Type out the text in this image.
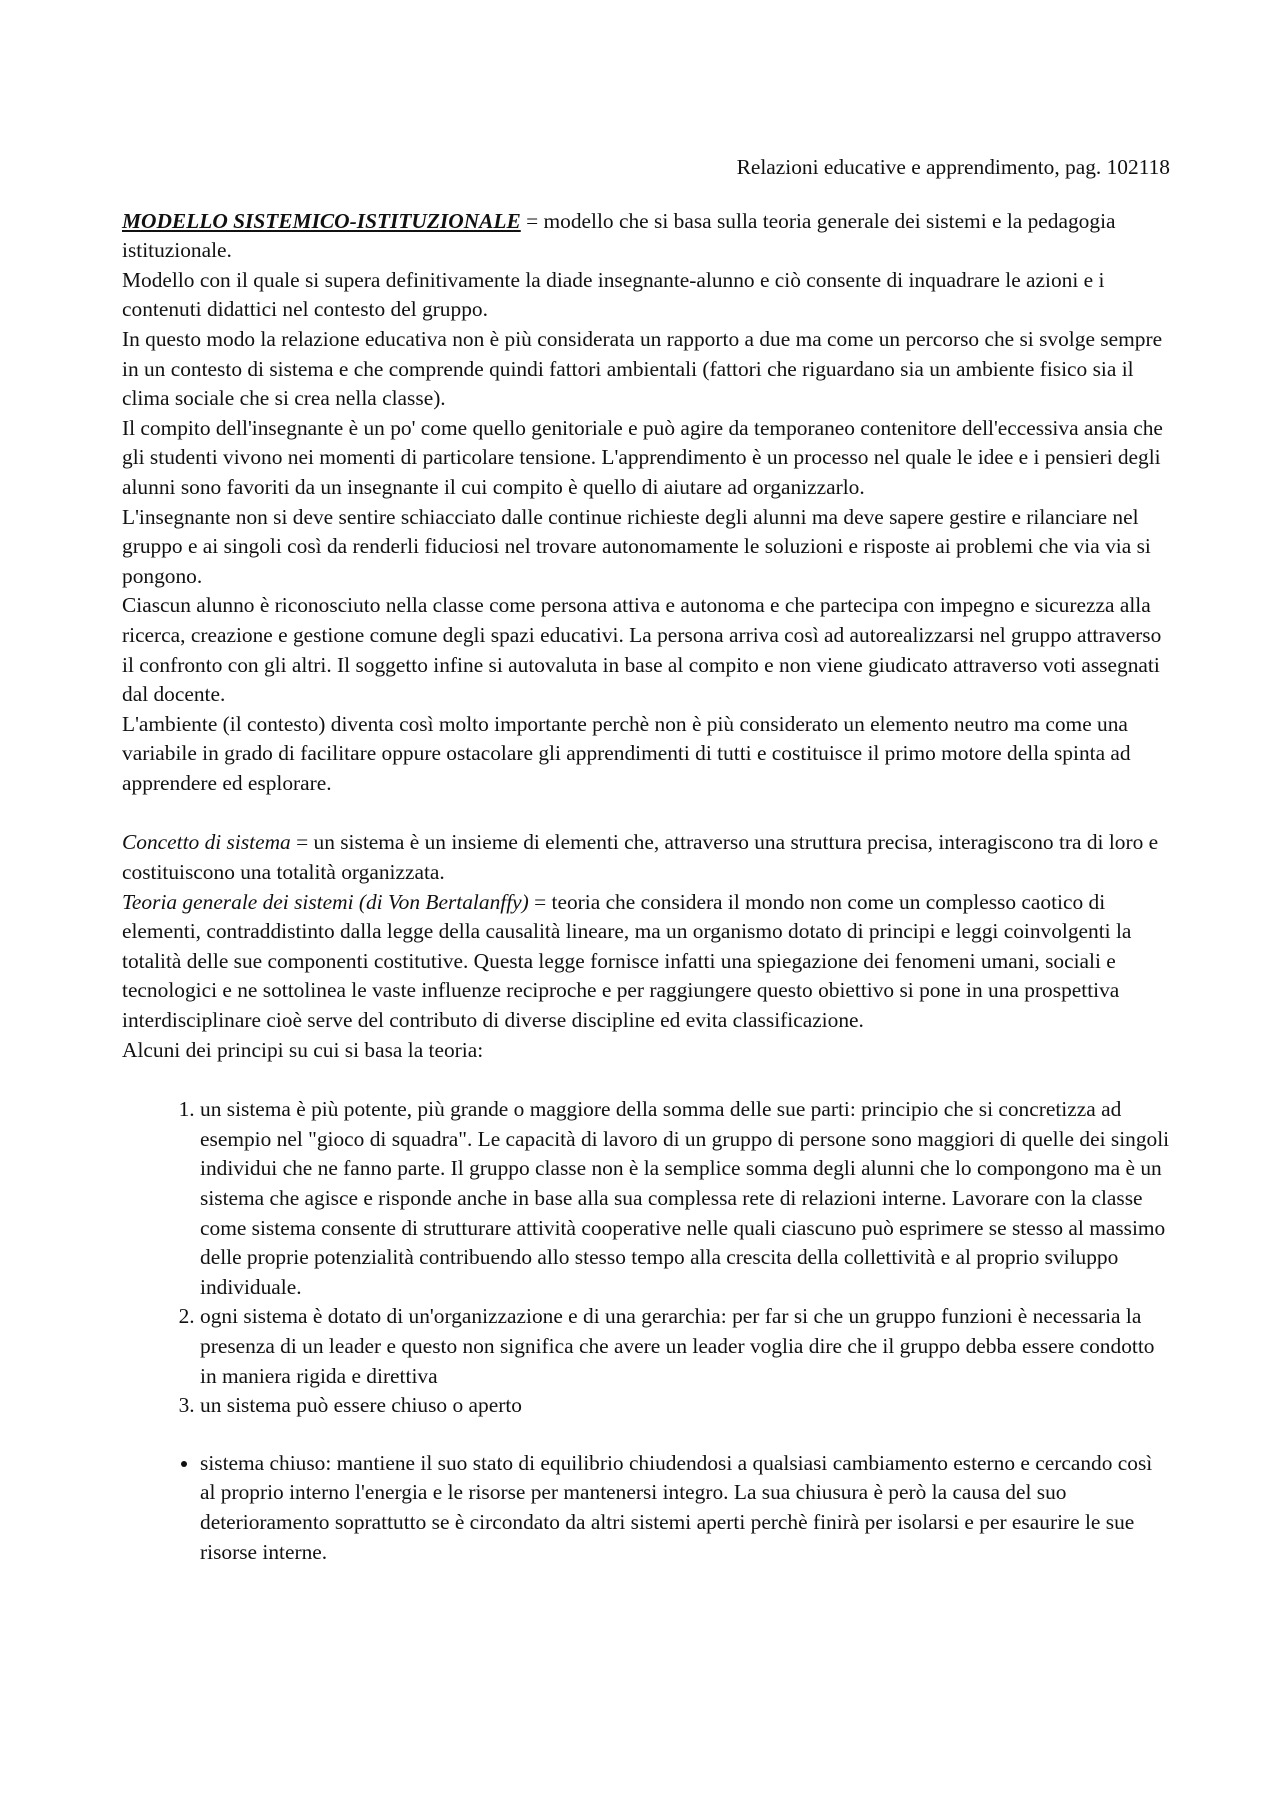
Relazioni educative e apprendimento, pag. 102118

MODELLO SISTEMICO-ISTITUZIONALE = modello che si basa sulla teoria generale dei sistemi e la pedagogia istituzionale.

Modello con il quale si supera definitivamente la diade insegnante-alunno e ciò consente di inquadrare le azioni e i contenuti didattici nel contesto del gruppo.

In questo modo la relazione educativa non è più considerata un rapporto a due ma come un percorso che si svolge sempre in un contesto di sistema e che comprende quindi fattori ambientali (fattori che riguardano sia un ambiente fisico sia il clima sociale che si crea nella classe).

Il compito dell'insegnante è un po' come quello genitoriale e può agire da temporaneo contenitore dell'eccessiva ansia che gli studenti vivono nei momenti di particolare tensione. L'apprendimento è un processo nel quale le idee e i pensieri degli alunni sono favoriti da un insegnante il cui compito è quello di aiutare ad organizzarlo.

L'insegnante non si deve sentire schiacciato dalle continue richieste degli alunni ma deve sapere gestire e rilanciare nel gruppo e ai singoli così da renderli fiduciosi nel trovare autonomamente le soluzioni e risposte ai problemi che via via si pongono.

Ciascun alunno è riconosciuto nella classe come persona attiva e autonoma e che partecipa con impegno e sicurezza alla ricerca, creazione e gestione comune degli spazi educativi. La persona arriva così ad autorealizzarsi nel gruppo attraverso il confronto con gli altri. Il soggetto infine si autovaluta in base al compito e non viene giudicato attraverso voti assegnati dal docente.

L'ambiente (il contesto) diventa così molto importante perchè non è più considerato un elemento neutro ma come una variabile in grado di facilitare oppure ostacolare gli apprendimenti di tutti e costituisce il primo motore della spinta ad apprendere ed esplorare.

Concetto di sistema = un sistema è un insieme di elementi che, attraverso una struttura precisa, interagiscono tra di loro e costituiscono una totalità organizzata.

Teoria generale dei sistemi (di Von Bertalanffy) = teoria che considera il mondo non come un complesso caotico di elementi, contraddistinto dalla legge della causalità lineare, ma un organismo dotato di principi e leggi coinvolgenti la totalità delle sue componenti costitutive. Questa legge fornisce infatti una spiegazione dei fenomeni umani, sociali e tecnologici e ne sottolinea le vaste influenze reciproche e per raggiungere questo obiettivo si pone in una prospettiva interdisciplinare cioè serve del contributo di diverse discipline ed evita classificazione.

Alcuni dei principi su cui si basa la teoria:

1. un sistema è più potente, più grande o maggiore della somma delle sue parti: principio che si concretizza ad esempio nel "gioco di squadra". Le capacità di lavoro di un gruppo di persone sono maggiori di quelle dei singoli individui che ne fanno parte. Il gruppo classe non è la semplice somma degli alunni che lo compongono ma è un sistema che agisce e risponde anche in base alla sua complessa rete di relazioni interne. Lavorare con la classe come sistema consente di strutturare attività cooperative nelle quali ciascuno può esprimere se stesso al massimo delle proprie potenzialità contribuendo allo stesso tempo alla crescita della collettività e al proprio sviluppo individuale.
2. ogni sistema è dotato di un'organizzazione e di una gerarchia: per far si che un gruppo funzioni è necessaria la presenza di un leader e questo non significa che avere un leader voglia dire che il gruppo debba essere condotto in maniera rigida e direttiva
3. un sistema può essere chiuso o aperto
• sistema chiuso: mantiene il suo stato di equilibrio chiudendosi a qualsiasi cambiamento esterno e cercando così al proprio interno l'energia e le risorse per mantenersi integro. La sua chiusura è però la causa del suo deterioramento soprattutto se è circondato da altri sistemi aperti perchè finirà per isolarsi e per esaurire le sue risorse interne.
